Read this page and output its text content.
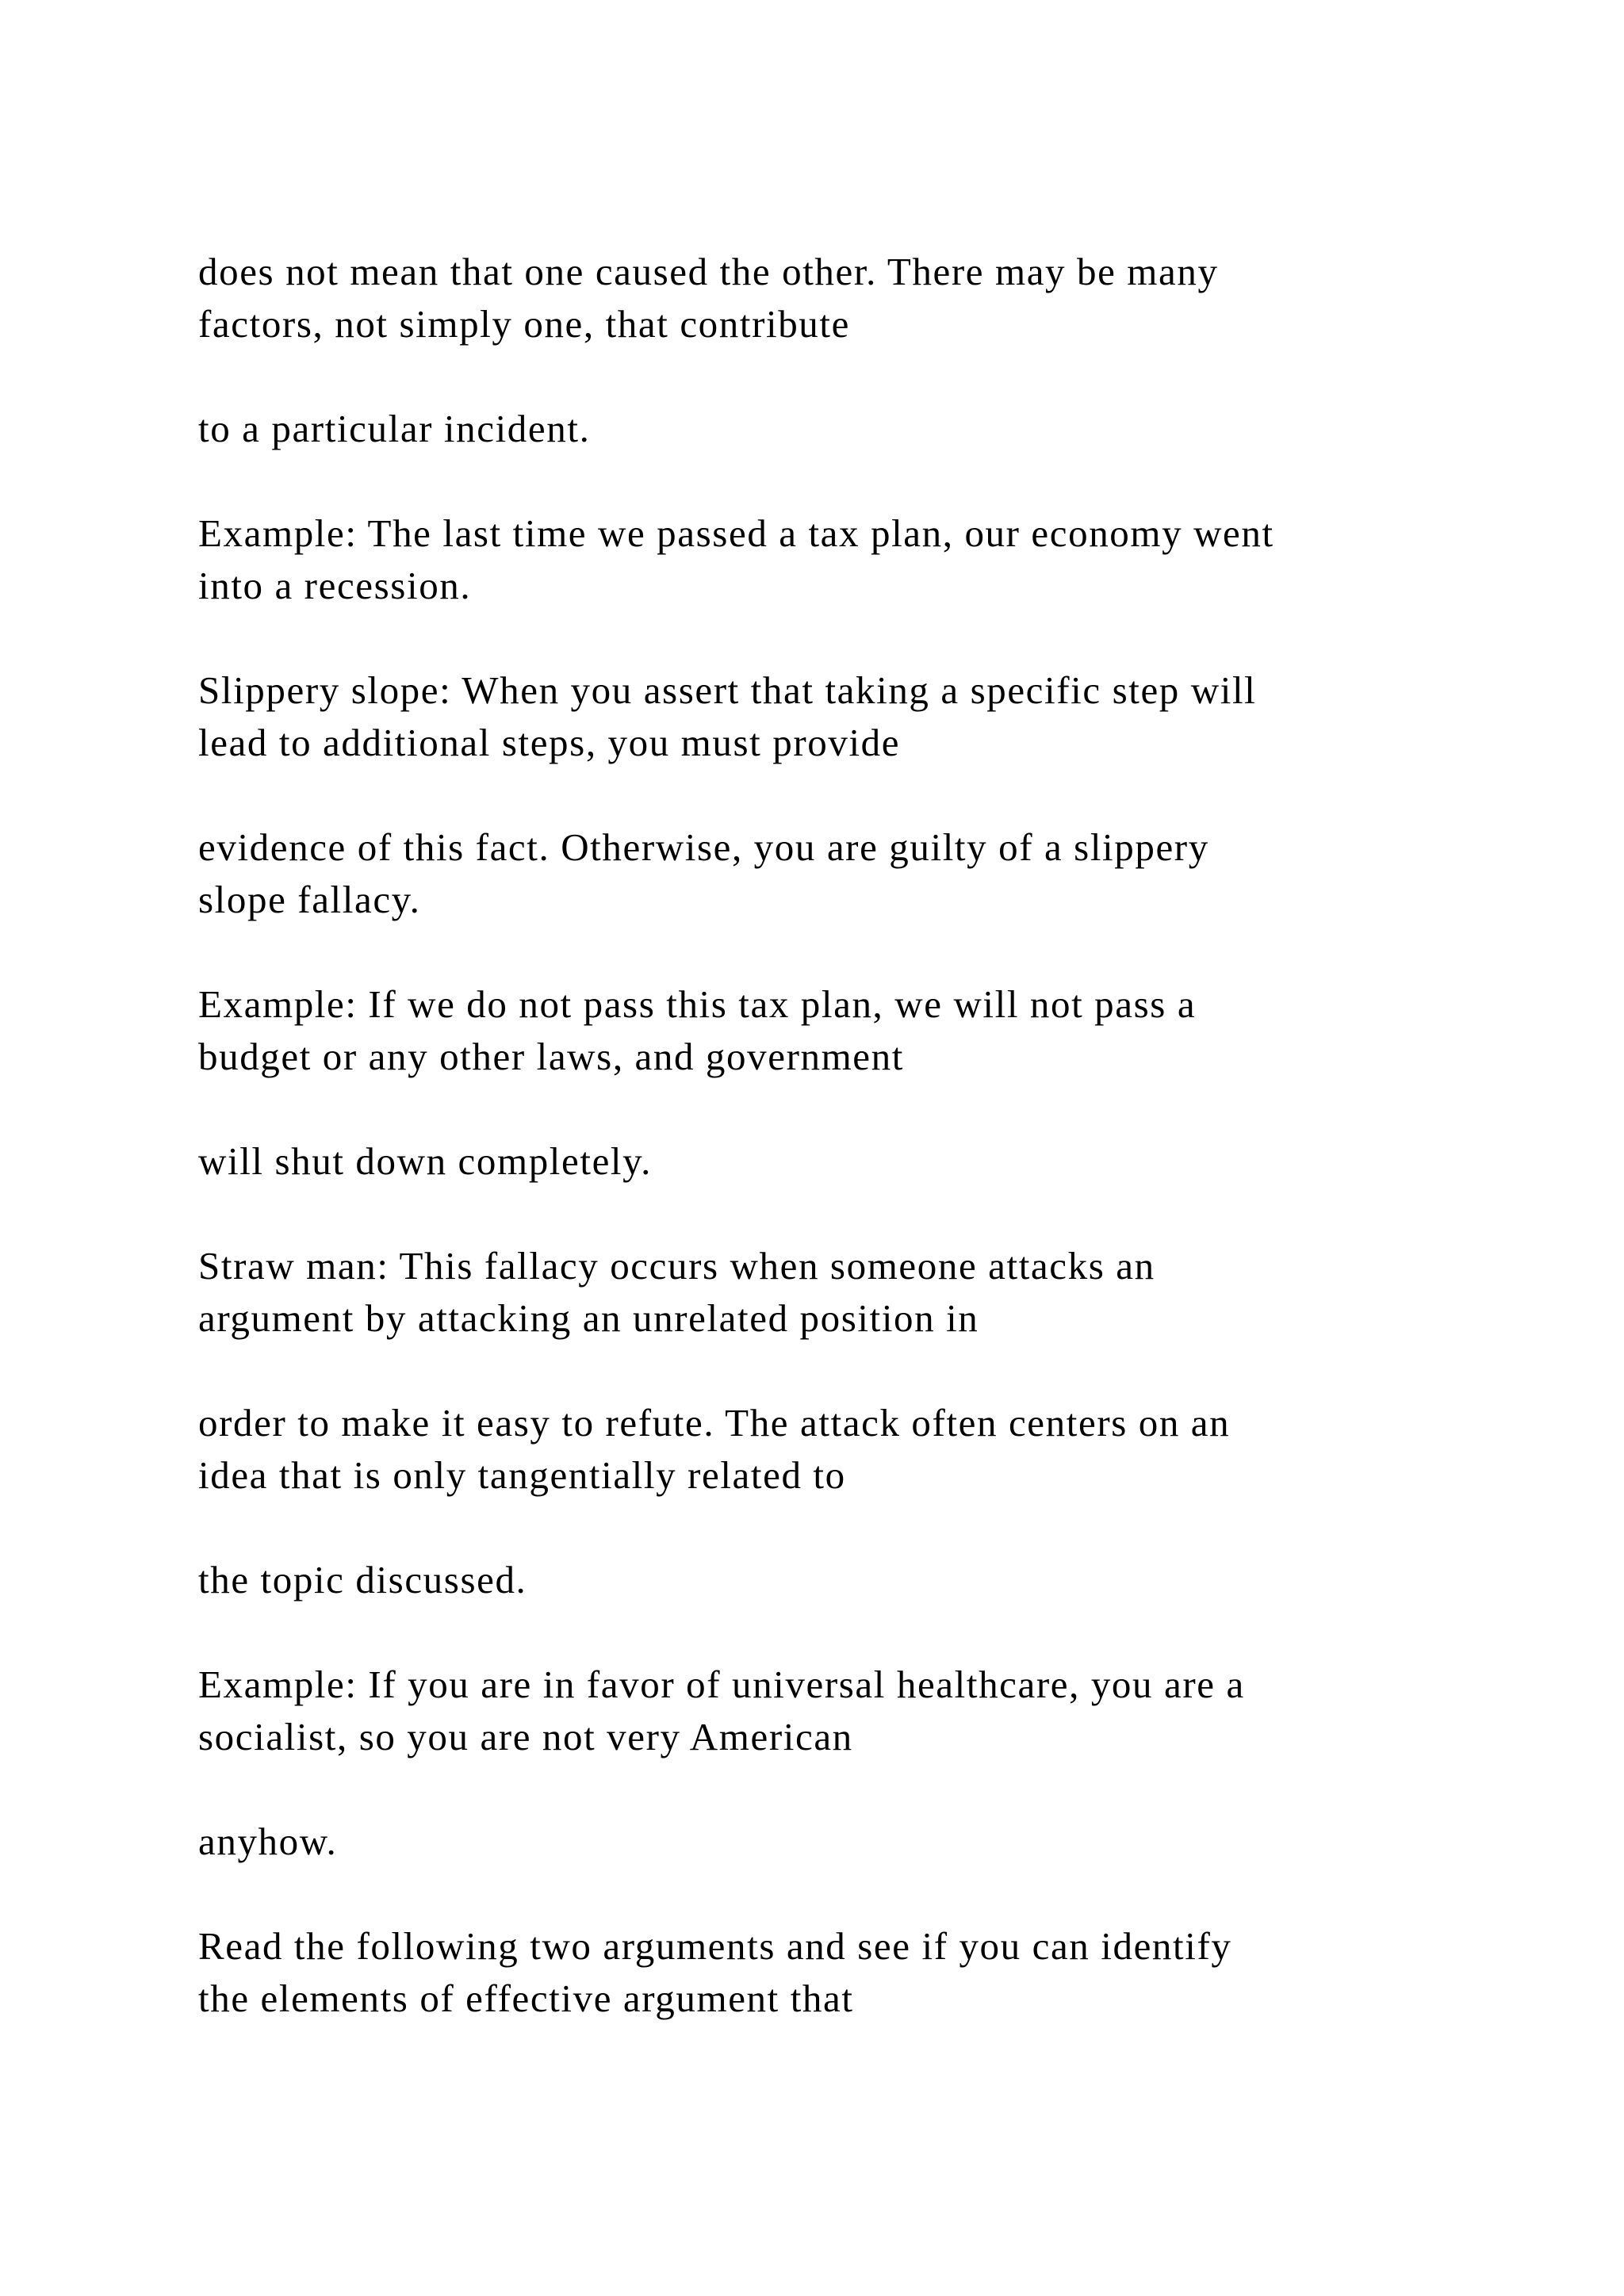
does not mean that one caused the other. There may be many
factors, not simply one, that contribute

to a particular incident.

Example: The last time we passed a tax plan, our economy went
into a recession.

Slippery slope: When you assert that taking a specific step will
lead to additional steps, you must provide

evidence of this fact. Otherwise, you are guilty of a slippery
slope fallacy.

Example: If we do not pass this tax plan, we will not pass a
budget or any other laws, and government

will shut down completely.

Straw man: This fallacy occurs when someone attacks an
argument by attacking an unrelated position in

order to make it easy to refute. The attack often centers on an
idea that is only tangentially related to

the topic discussed.

Example: If you are in favor of universal healthcare, you are a
socialist, so you are not very American

anyhow.

Read the following two arguments and see if you can identify
the elements of effective argument that
